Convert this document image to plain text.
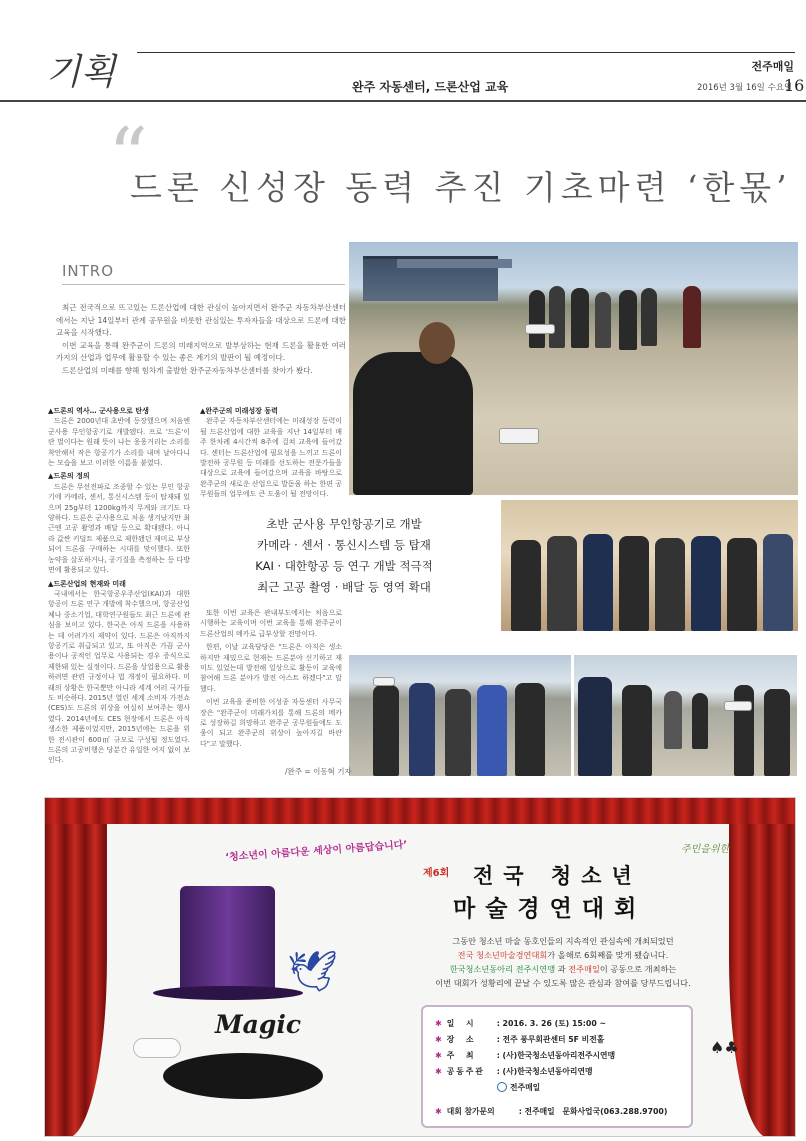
기획	전주매일
완주 자동센터, 드론산업 교육	2016년 3월 16일 수요일
16
“
드론 신성장 동력 추진 기초마련 ‘한몫’
INTRO

최근 전국적으로 뜨고있는 드론산업에 대한 관심이 높아지면서 완주군 자동차부산센터에서는 지난 14일부터 관계 공무원을 비롯한 관심있는 투자자들을 대상으로 드론에 대한 교육을 시작했다.

이번 교육을 통해 완주군이 드론의 미래지역으로 발부상하는 현재 드론을 활용한 여러 가지의 산업과 업무에 활용할 수 있는 좋은 계기의 발판이 될 예정이다.

드론산업의 미래를 향해 힘차게 출발한 완주군자동차부산센터를 찾아가 봤다.

▲드론의 역사… 군사용으로 탄생

드론은 2000년대 초반에 등장했으며 처음엔 군사용 무인항공기로 개발됐다. 프로 '드론'이란 벌이다는 원래 뜻이 나는 웅웅거리는 소리를 착안해서 작은 항공기가 소리를 내며 날아다니는 모습을 보고 이러한 이름을 붙였다.

▲드론의 정의

드론은 무선전파로 조종할 수 있는 무인 항공기에 카메라, 센서, 통신시스템 등이 탑재돼 있으며 25g부터 1200kg까지 무게와 크기도 다양하다. 드론은 군사용으로 처음 생겨났지만 최근엔 고공 촬영과 배달 등으로 확대됐다. 아니라 값싼 키덜트 제품으로 제한됐던 재미로 부상되어 드론을 구매하는 시대를 맞이했다. 또한 농약을 살포하거나, 공기질을 측정하는 등 다방면에 활용되고 있다.

▲드론산업의 현재와 미래

국내에서는 한국항공우주산업(KAI)과 대한항공이 드론 연구 개발에 착수했으며, 항공산업체나 중소기업, 대학연구원들도 최근 드론에 관심을 보이고 있다. 한국은 아직 드론을 사용하는 데 어려가지 제약이 있다. 드론은 아직까지 항공기로 취급되고 있고, 또 아직은 가끔 군사용이나 공적인 업무로 사용되는 경우 증식으로 제한돼 있는 실정이다. 드론을 상업용으로 활용하려면 관련 규정이나 법 개정이 필요하다. 미래의 상황은 한국뿐만 아니라 세계 여러 국가들도 비슷하다. 2015년 열린 세계 소비자 가전쇼(CES)도 드론의 위상을 여실히 보여주는 행사였다. 2014년에도 CES 현장에서 드론은 아직 생소한 제품이었지만, 2015년에는 드론을 위한 전시관이 600㎡ 규모로 구성될 정도였다. 드론의 고공비행은 당분간 유일한 여지 없이 보인다.

▲완주군의 미래성장 동력

완주군 자동차부산센터에는 미래성장 동력이 될 드론산업에 대한 교육을 지난 14일부터 매주 한차례 4시간씩 8주에 걸쳐 교육에 들어갔다. 센터는 드론산업에 필요성을 느끼고 드론이 발전하 공무원 등 미래를 선도하는 전문가들을 대상으로 교육에 들어갔으며 교육을 바탕으로 완주군의 새로운 산업으로 발돋움 하는 한편 공무원들의 업무에도 큰 도움이 될 전망이다.

초반 군사용 무인항공기로 개발
카메라 · 센서 · 통신시스템 등 탑재
KAI · 대한항공 등 연구 개발 적극적
최근 고공 촬영 · 배달 등 영역 확대

또한 이번 교육은 관내부도에서는 처음으로 시행하는 교육이며 이번 교육을 통해 완주군이 드론산업의 메카로 급부상할 전망이다.

한편, 이날 교육담당은 "드론은 아직은 생소하지만 재밌으로 현재는 드론분야 신기하고 재미도 있었는데 발전해 일상으로 활동이 교육에 참여해 드론 분야가 발전 아스트 하겠다"고 말했다.

이번 교육을 준비한 이성종 자동센터 사무국장은 "완주군이 미래가치를 통해 드론의 메카로 성장하길 희망하고 완주군 공무원들에도 도움이 되고 완주군의 위상이 높아지길 바란다"고 말했다.

/완주 = 이동혁 기자
‘청소년이 아름다운 세상이 아름답습니다’
🕊
Magic
주민을위한
제6회 전국 청소년
마술경연대회
그동안 청소년 마술 동호인들의 지속적인 관심속에 개최되었던
전국 청소년마술경연대회가 올해로 6회째를 맞게 됐습니다.
한국청소년동아리 전주시연맹 과 전주매일이 공동으로 개최하는
이번 대회가 성황리에 끝날 수 있도록 많은 관심과 참여를 당부드립니다.
✱ 일　시	: 2016. 3. 26 (토) 15:00 ~
✱ 장　소	: 전주 풍무회관센터 5F 비전홀
✱ 주　최	: (사)한국청소년동아리전주시연맹
✱ 공동주관	: (사)한국청소년동아리연맹
전주매일
✱ 대회 참가문의	: 전주매일　문화사업국(063.288.9700)
♠♣
